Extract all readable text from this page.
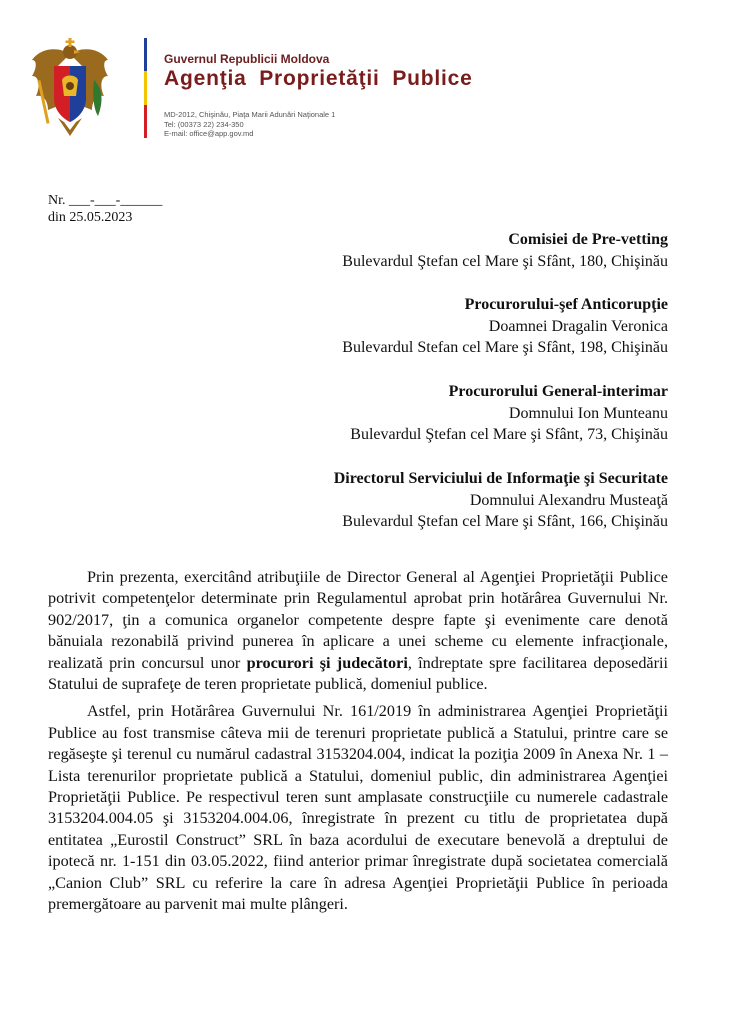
Guvernul Republicii Moldova
Agenţia Proprietăţii Publice
MD-2012, Chişinău, Piaţa Marii Adunări Naţionale 1
Tel: (00373 22) 234-350
E-mail: office@app.gov.md
Nr. ___-___-______
din 25.05.2023
Comisiei de Pre-vetting
Bulevardul Ştefan cel Mare şi Sfânt, 180, Chişinău
Procurorului-şef Anticorupţie
Doamnei Dragalin Veronica
Bulevardul Stefan cel Mare şi Sfânt, 198, Chişinău
Procurorului General-interimar
Domnului Ion Munteanu
Bulevardul Ştefan cel Mare şi Sfânt, 73, Chişinău
Directorul Serviciului de Informaţie şi Securitate
Domnului Alexandru Musteaţă
Bulevardul Ştefan cel Mare şi Sfânt, 166, Chişinău

Prin prezenta, exercitând atribuţiile de Director General al Agenţiei Proprietăţii Publice potrivit competenţelor determinate prin Regulamentul aprobat prin hotărârea Guvernului Nr. 902/2017, ţin a comunica organelor competente despre fapte şi evenimente care denotă bănuiala rezonabilă privind punerea în aplicare a unei scheme cu elemente infracţionale, realizată prin concursul unor procurori şi judecători, îndreptate spre facilitarea deposedării Statului de suprafeţe de teren proprietate publică, domeniul publice.

Astfel, prin Hotărârea Guvernului Nr. 161/2019 în administrarea Agenţiei Proprietăţii Publice au fost transmise câteva mii de terenuri proprietate publică a Statului, printre care se regăseşte şi terenul cu numărul cadastral 3153204.004, indicat la poziţia 2009 în Anexa Nr. 1 – Lista terenurilor proprietate publică a Statului, domeniul public, din administrarea Agenţiei Proprietăţii Publice. Pe respectivul teren sunt amplasate construcţiile cu numerele cadastrale 3153204.004.05 şi 3153204.004.06, înregistrate în prezent cu titlu de proprietatea după entitatea „Eurostil Construct” SRL în baza acordului de executare benevolă a dreptului de ipotecă nr. 1-151 din 03.05.2022, fiind anterior primar înregistrate după societatea comercială „Canion Club” SRL cu referire la care în adresa Agenţiei Proprietăţii Publice în perioada premergătoare au parvenit mai multe plângeri.
